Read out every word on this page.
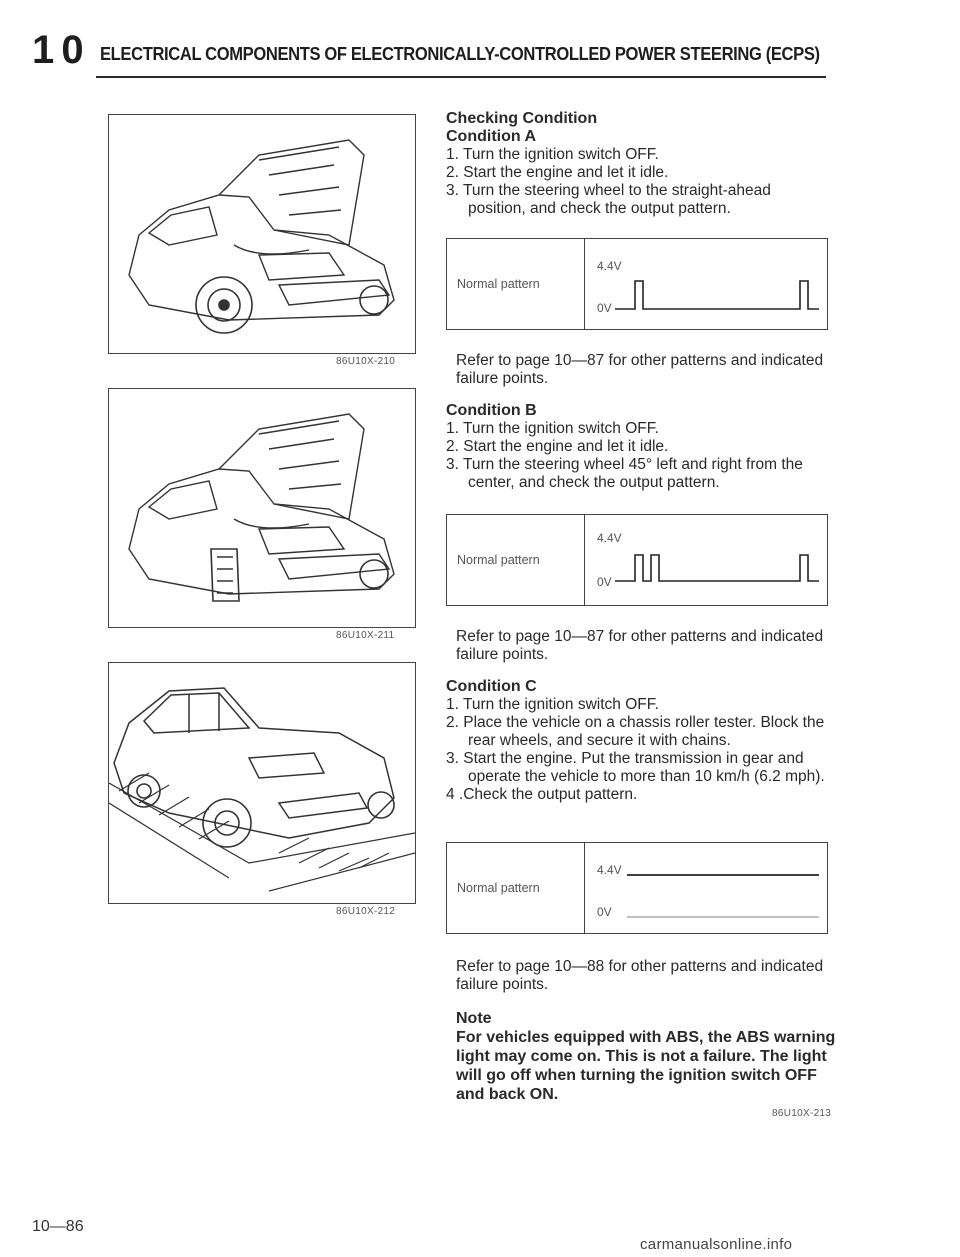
1 0 ELECTRICAL COMPONENTS OF ELECTRONICALLY-CONTROLLED POWER STEERING (ECPS)
86U10X-210
86U10X-211
86U10X-212
Checking Condition
Condition A
1. Turn the ignition switch OFF.
2. Start the engine and let it idle.
3. Turn the steering wheel to the straight-ahead position, and check the output pattern.
Normal pattern
4.4V
0V
Refer to page 10—87 for other patterns and indicated failure points.
Condition B
1. Turn the ignition switch OFF.
2. Start the engine and let it idle.
3. Turn the steering wheel 45° left and right from the center, and check the output pattern.
Normal pattern
4.4V
0V
Refer to page 10—87 for other patterns and indicated failure points.
Condition C
1. Turn the ignition switch OFF.
2. Place the vehicle on a chassis roller tester. Block the rear wheels, and secure it with chains.
3. Start the engine. Put the transmission in gear and operate the vehicle to more than 10 km/h (6.2 mph).
4 .Check the output pattern.
Normal pattern
4.4V
0V
Refer to page 10—88 for other patterns and indicated failure points.
Note
For vehicles equipped with ABS, the ABS warning light may come on. This is not a failure. The light will go off when turning the ignition switch OFF and back ON.
86U10X-213
10—86
carmanualsonline.info
